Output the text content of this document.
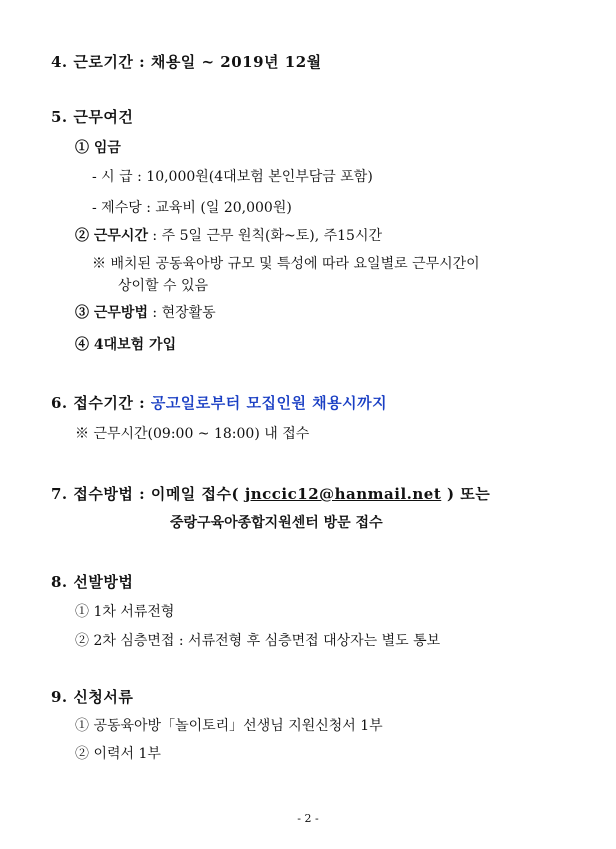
4. 근로기간 : 채용일 ~ 2019년 12월
5. 근무여건
① 임금
- 시 급 : 10,000원(4대보험 본인부담금 포함)
- 제수당 : 교육비 (일 20,000원)
② 근무시간 : 주 5일 근무 원칙(화~토), 주15시간
※ 배치된 공동육아방 규모 및 특성에 따라 요일별로 근무시간이
상이할 수 있음
③ 근무방법 : 현장활동
④ 4대보험 가입
6. 접수기간 : 공고일로부터 모집인원 채용시까지
※ 근무시간(09:00 ~ 18:00) 내 접수
7. 접수방법 : 이메일 접수( jnccic12@hanmail.net ) 또는
중랑구육아종합지원센터 방문 접수
8. 선발방법
① 1차 서류전형
② 2차 심층면접 : 서류전형 후 심층면접 대상자는 별도 통보
9. 신청서류
① 공동육아방「놀이토리」선생님 지원신청서 1부
② 이력서 1부
- 2 -
